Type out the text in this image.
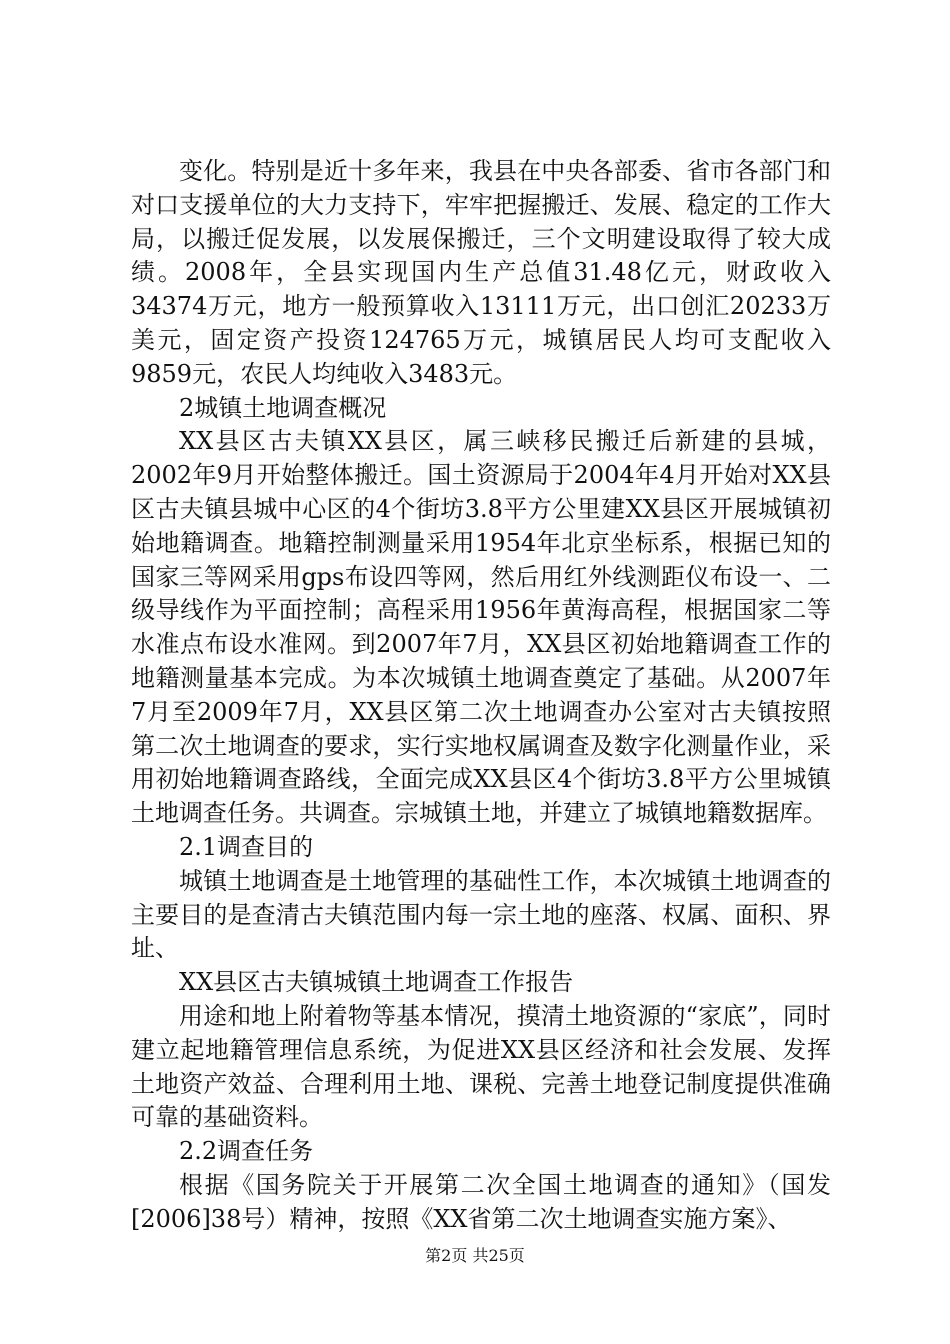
变化。特别是近十多年来，我县在中央各部委、省市各部门和对口支援单位的大力支持下，牢牢把握搬迁、发展、稳定的工作大局，以搬迁促发展，以发展保搬迁，三个文明建设取得了较大成绩。2008年，全县实现国内生产总值31.48亿元，财政收入34374万元，地方一般预算收入13111万元，出口创汇20233万美元，固定资产投资124765万元，城镇居民人均可支配收入9859元，农民人均纯收入3483元。

2城镇土地调查概况

XX县区古夫镇XX县区，属三峡移民搬迁后新建的县城，2002年9月开始整体搬迁。国土资源局于2004年4月开始对XX县区古夫镇县城中心区的4个街坊3.8平方公里建XX县区开展城镇初始地籍调查。地籍控制测量采用1954年北京坐标系，根据已知的国家三等网采用gps布设四等网，然后用红外线测距仪布设一、二级导线作为平面控制；高程采用1956年黄海高程，根据国家二等水准点布设水准网。到2007年7月，XX县区初始地籍调查工作的地籍测量基本完成。为本次城镇土地调查奠定了基础。从2007年7月至2009年7月，XX县区第二次土地调查办公室对古夫镇按照第二次土地调查的要求，实行实地权属调查及数字化测量作业，采用初始地籍调查路线，全面完成XX县区4个街坊3.8平方公里城镇土地调查任务。共调查。宗城镇土地，并建立了城镇地籍数据库。

2.1调查目的

城镇土地调查是土地管理的基础性工作，本次城镇土地调查的主要目的是查清古夫镇范围内每一宗土地的座落、权属、面积、界址、

XX县区古夫镇城镇土地调查工作报告

用途和地上附着物等基本情况，摸清土地资源的“家底”，同时建立起地籍管理信息系统，为促进XX县区经济和社会发展、发挥土地资产效益、合理利用土地、课税、完善土地登记制度提供准确可靠的基础资料。

2.2调查任务

根据《国务院关于开展第二次全国土地调查的通知》（国发[2006]38号）精神，按照《XX省第二次土地调查实施方案》、

第2页 共25页
